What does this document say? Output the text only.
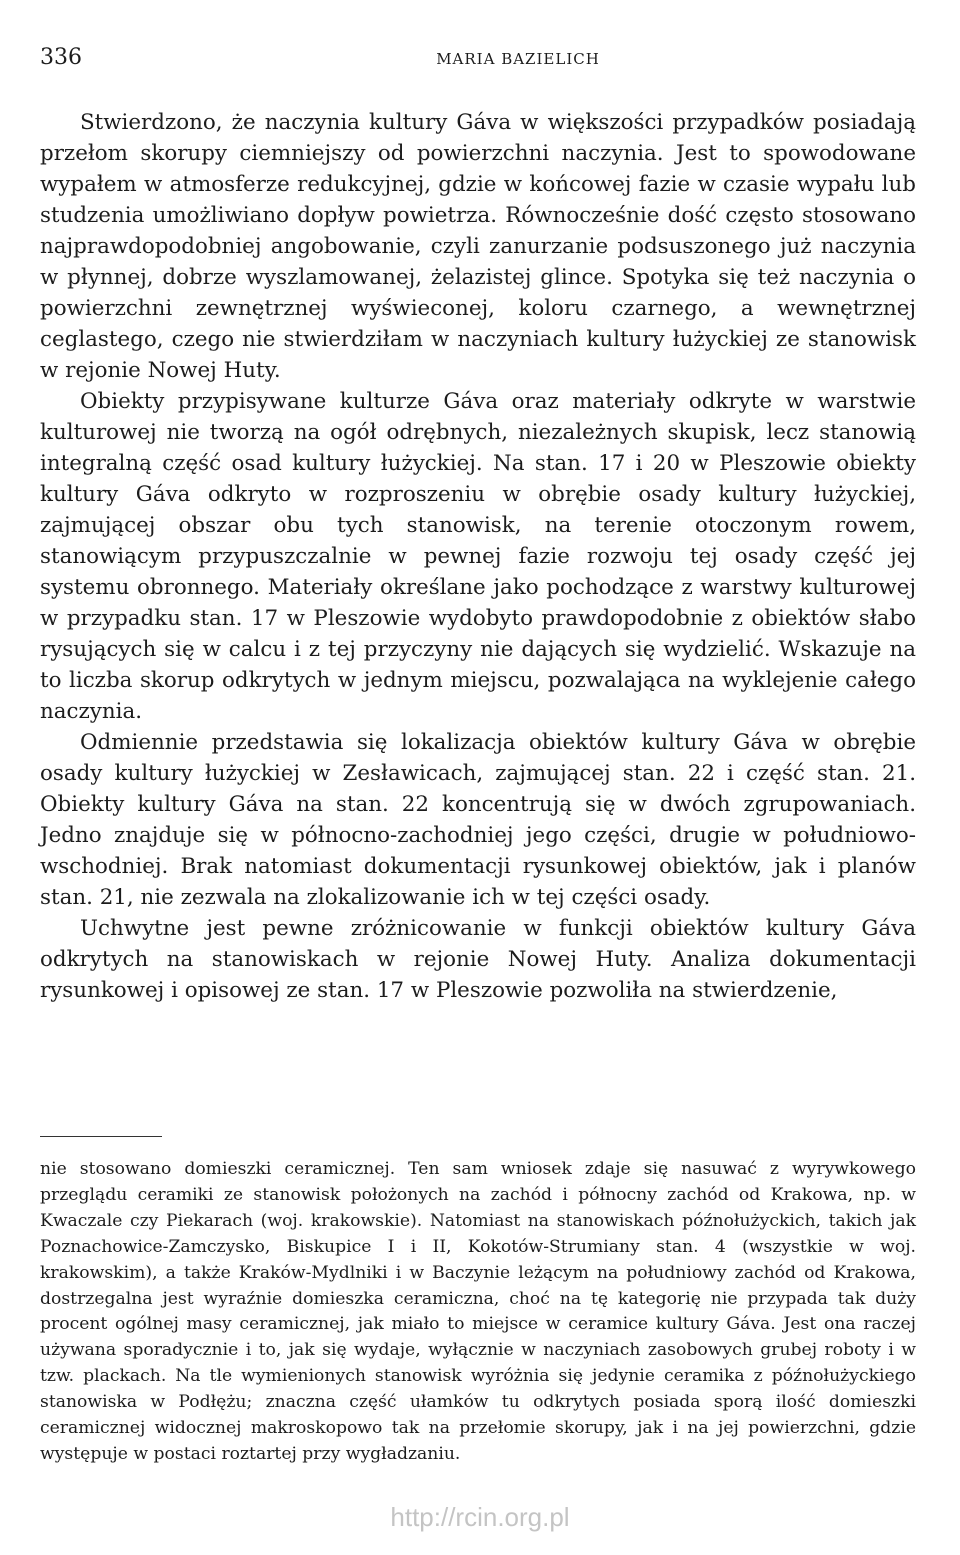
336	MARIA BAZIELICH

Stwierdzono, że naczynia kultury Gáva w większości przypadków posiadają przełom skorupy ciemniejszy od powierzchni naczynia. Jest to spowodowane wypałem w atmosferze redukcyjnej, gdzie w końcowej fazie w czasie wypału lub studzenia umożliwiano dopływ powietrza. Równocześnie dość często stosowano najprawdopodobniej angobowanie, czyli zanurzanie podsuszonego już naczynia w płynnej, dobrze wyszlamowanej, żelazistej glince. Spotyka się też naczynia o powierzchni zewnętrznej wyświeconej, koloru czarnego, a wewnętrznej ceglastego, czego nie stwierdziłam w naczyniach kultury łużyckiej ze stanowisk w rejonie Nowej Huty.

Obiekty przypisywane kulturze Gáva oraz materiały odkryte w warstwie kulturowej nie tworzą na ogół odrębnych, niezależnych skupisk, lecz stanowią integralną część osad kultury łużyckiej. Na stan. 17 i 20 w Pleszowie obiekty kultury Gáva odkryto w rozproszeniu w obrębie osady kultury łużyckiej, zajmującej obszar obu tych stanowisk, na terenie otoczonym rowem, stanowiącym przypuszczalnie w pewnej fazie rozwoju tej osady część jej systemu obronnego. Materiały określane jako pochodzące z warstwy kulturowej w przypadku stan. 17 w Pleszowie wydobyto prawdopodobnie z obiektów słabo rysujących się w calcu i z tej przyczyny nie dających się wydzielić. Wskazuje na to liczba skorup odkrytych w jednym miejscu, pozwalająca na wyklejenie całego naczynia.

Odmiennie przedstawia się lokalizacja obiektów kultury Gáva w obrębie osady kultury łużyckiej w Zesławicach, zajmującej stan. 22 i część stan. 21. Obiekty kultury Gáva na stan. 22 koncentrują się w dwóch zgrupowaniach. Jedno znajduje się w północno-zachodniej jego części, drugie w południowo-wschodniej. Brak natomiast dokumentacji rysunkowej obiektów, jak i planów stan. 21, nie zezwala na zlokalizowanie ich w tej części osady.

Uchwytne jest pewne zróżnicowanie w funkcji obiektów kultury Gáva odkrytych na stanowiskach w rejonie Nowej Huty. Analiza dokumentacji rysunkowej i opisowej ze stan. 17 w Pleszowie pozwoliła na stwierdzenie,

nie stosowano domieszki ceramicznej. Ten sam wniosek zdaje się nasuwać z wyrywkowego przeglądu ceramiki ze stanowisk położonych na zachód i północny zachód od Krakowa, np. w Kwaczale czy Piekarach (woj. krakowskie). Natomiast na stanowiskach późnołużyckich, takich jak Poznachowice-Zamczysko, Biskupice I i II, Kokotów-Strumiany stan. 4 (wszystkie w woj. krakowskim), a także Kraków-Mydlniki i w Baczynie leżącym na południowy zachód od Krakowa, dostrzegalna jest wyraźnie domieszka ceramiczna, choć na tę kategorię nie przypada tak duży procent ogólnej masy ceramicznej, jak miało to miejsce w ceramice kultury Gáva. Jest ona raczej używana sporadycznie i to, jak się wydaje, wyłącznie w naczyniach zasobowych grubej roboty i w tzw. plackach. Na tle wymienionych stanowisk wyróżnia się jedynie ceramika z późnołużyckiego stanowiska w Podłężu; znaczna część ułamków tu odkrytych posiada sporą ilość domieszki ceramicznej widocznej makroskopowo tak na przełomie skorupy, jak i na jej powierzchni, gdzie występuje w postaci roztartej przy wygładzaniu.

http://rcin.org.pl
